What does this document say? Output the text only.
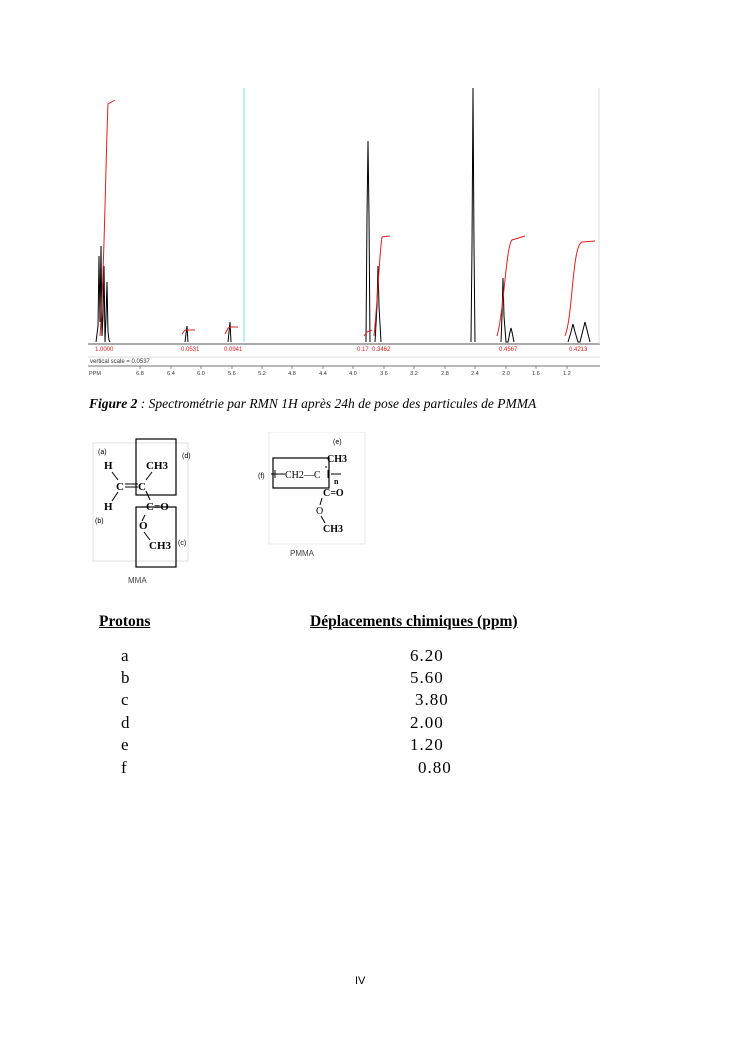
1.0000	0.0531	0.0941	0.17 0.3462	0.4567	0.4213
vertical scale = 0.0537
PPM	6.8	6.4	6.0	5.6	5.2	4.8	4.4	4.0	3.6	3.2	2.8	2.4	2.0	1.6	1.2
Figure 2 : Spectrométrie par RMN 1H après 24h de pose des particules de PMMA
(a)
(d)
(b)
(c)
H
C C
CH3
H	C=O
O
CH3
MMA
(e)
(f)
CH3
CH2—C
n
C=O
O
CH3
PMMA
Protons	Déplacements chimiques (ppm)
a	6.20
b	5.60
c	3.80
d	2.00
e	1.20
f	0.80
IV
